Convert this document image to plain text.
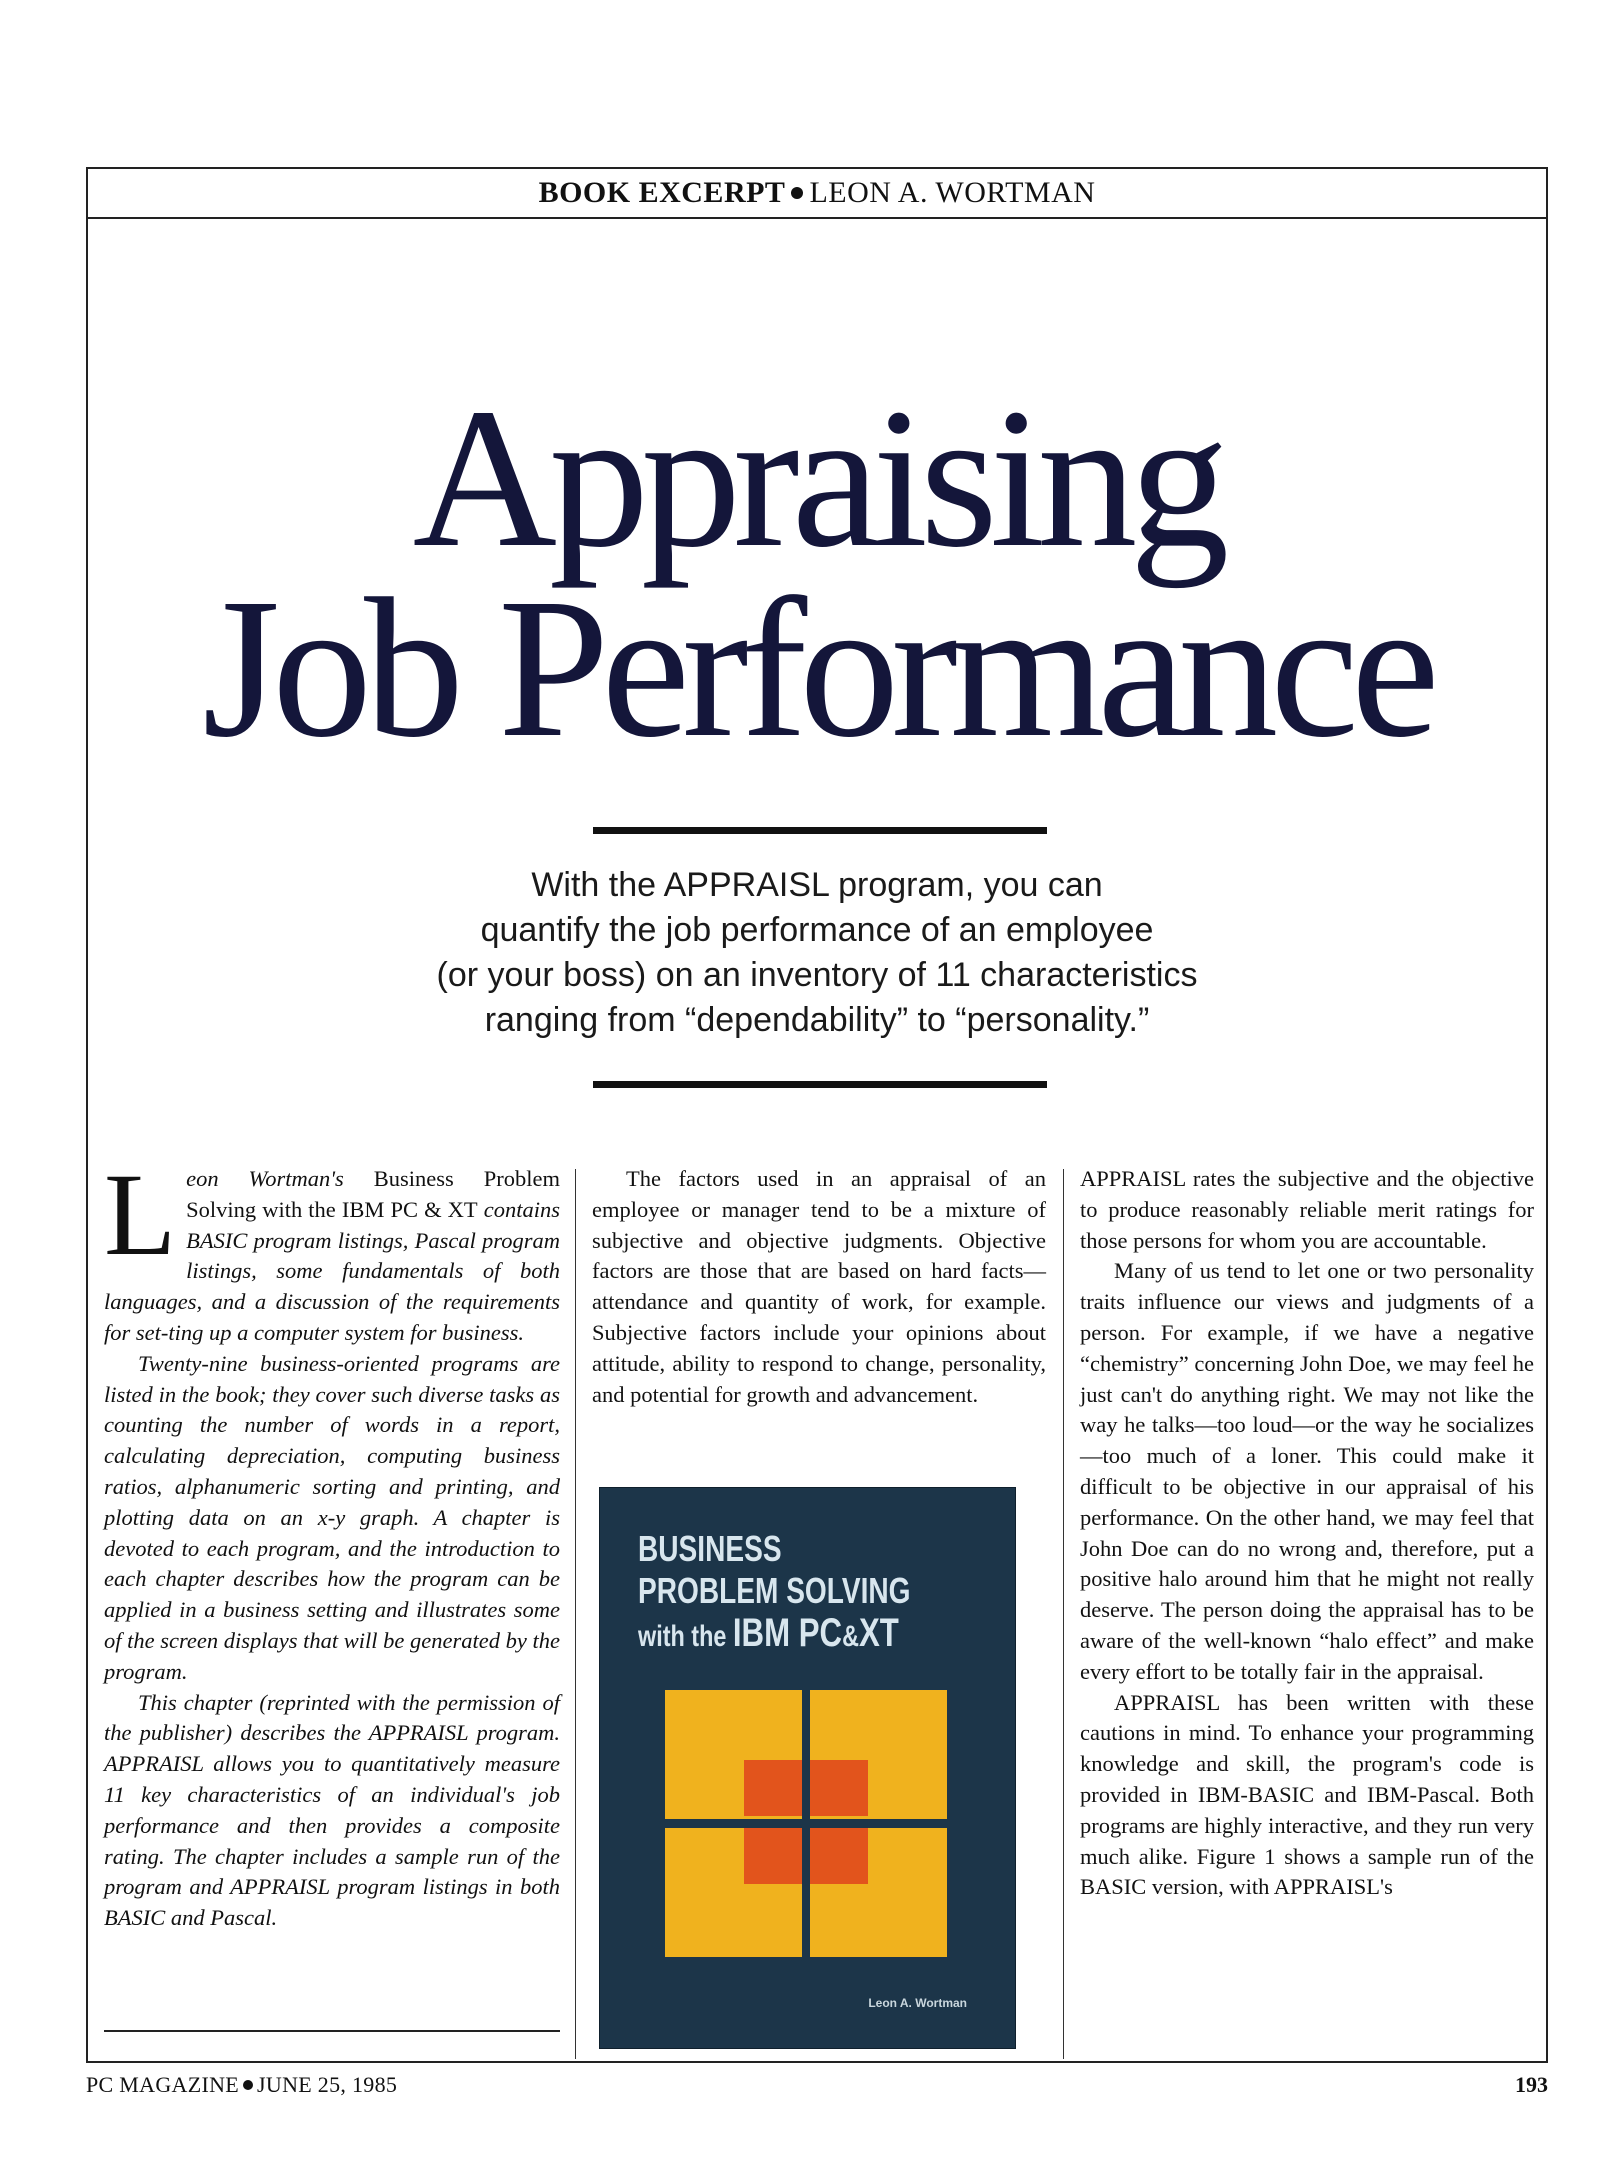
BOOK EXCERPT LEON A. WORTMAN
Appraising
Job Performance
With the APPRAISL program, you can
quantify the job performance of an employee
(or your boss) on an inventory of 11 characteristics
ranging from “dependability” to “personality.”

Leon Wortman's Business Problem Solving with the IBM PC & XT contains BASIC program listings, Pascal program listings, some fundamentals of both languages, and a discussion of the requirements for set-ting up a computer system for business.

Twenty-nine business-oriented programs are listed in the book; they cover such diverse tasks as counting the number of words in a report, calculating depreciation, computing business ratios, alphanumeric sorting and printing, and plotting data on an x-y graph. A chapter is devoted to each program, and the introduction to each chapter describes how the program can be applied in a business setting and illustrates some of the screen displays that will be generated by the program.

This chapter (reprinted with the permission of the publisher) describes the APPRAISL program. APPRAISL allows you to quantitatively measure 11 key characteristics of an individual's job performance and then provides a composite rating. The chapter includes a sample run of the program and APPRAISL program listings in both BASIC and Pascal.

The factors used in an appraisal of an employee or manager tend to be a mixture of subjective and objective judgments. Objective factors are those that are based on hard facts—attendance and quantity of work, for example. Subjective factors include your opinions about attitude, ability to respond to change, personality, and potential for growth and advancement.

BUSINESS
PROBLEM SOLVING
with the IBM PC&XT
Leon A. Wortman

APPRAISL rates the subjective and the objective to produce reasonably reliable merit ratings for those persons for whom you are accountable.

Many of us tend to let one or two personality traits influence our views and judgments of a person. For example, if we have a negative “chemistry” concerning John Doe, we may feel he just can't do anything right. We may not like the way he talks—too loud—or the way he socializes—too much of a loner. This could make it difficult to be objective in our appraisal of his performance. On the other hand, we may feel that John Doe can do no wrong and, therefore, put a positive halo around him that he might not really deserve. The person doing the appraisal has to be aware of the well-known “halo effect” and make every effort to be totally fair in the appraisal.

APPRAISL has been written with these cautions in mind. To enhance your programming knowledge and skill, the program's code is provided in IBM-BASIC and IBM-Pascal. Both programs are highly interactive, and they run very much alike. Figure 1 shows a sample run of the BASIC version, with APPRAISL's

PC MAGAZINE JUNE 25, 1985	193
